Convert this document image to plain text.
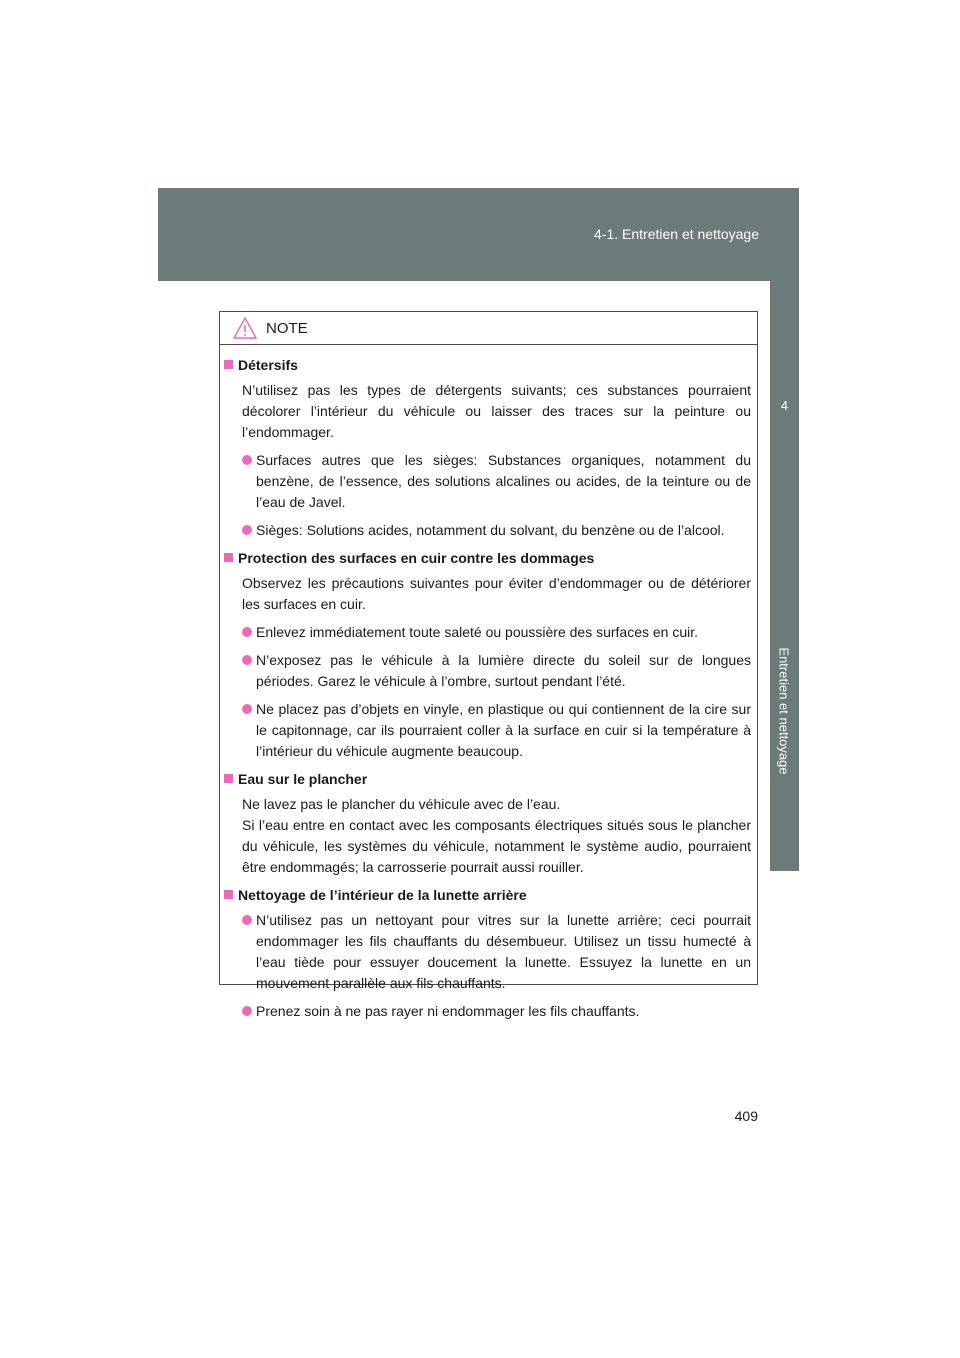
4-1. Entretien et nettoyage
4
Entretien et nettoyage
NOTE
Détersifs

N’utilisez pas les types de détergents suivants; ces substances pourraient décolorer l’intérieur du véhicule ou laisser des traces sur la peinture ou l’endommager.

Surfaces autres que les sièges: Substances organiques, notamment du benzène, de l’essence, des solutions alcalines ou acides, de la teinture ou de l’eau de Javel.
Sièges: Solutions acides, notamment du solvant, du benzène ou de l’alcool.
Protection des surfaces en cuir contre les dommages

Observez les précautions suivantes pour éviter d’endommager ou de détériorer les surfaces en cuir.

Enlevez immédiatement toute saleté ou poussière des surfaces en cuir.
N’exposez pas le véhicule à la lumière directe du soleil sur de longues périodes. Garez le véhicule à l’ombre, surtout pendant l’été.
Ne placez pas d’objets en vinyle, en plastique ou qui contiennent de la cire sur le capitonnage, car ils pourraient coller à la surface en cuir si la température à l’intérieur du véhicule augmente beaucoup.
Eau sur le plancher

Ne lavez pas le plancher du véhicule avec de l’eau.

Si l’eau entre en contact avec les composants électriques situés sous le plancher du véhicule, les systèmes du véhicule, notamment le système audio, pourraient être endommagés; la carrosserie pourrait aussi rouiller.

Nettoyage de l’intérieur de la lunette arrière
N’utilisez pas un nettoyant pour vitres sur la lunette arrière; ceci pourrait endommager les fils chauffants du désembueur. Utilisez un tissu humecté à l’eau tiède pour essuyer doucement la lunette. Essuyez la lunette en un mouvement parallèle aux fils chauffants.
Prenez soin à ne pas rayer ni endommager les fils chauffants.
409
